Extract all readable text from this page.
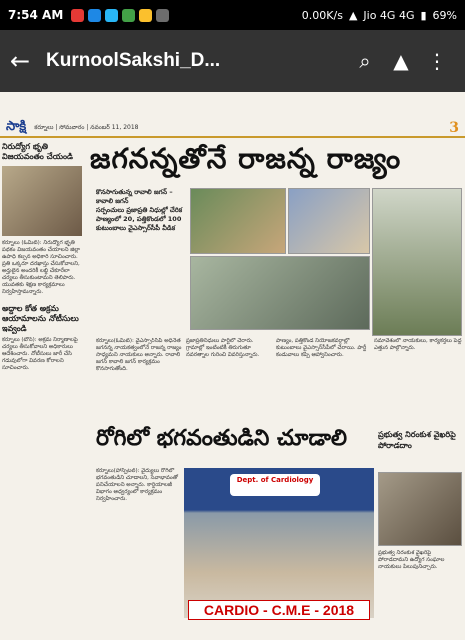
7:54 AM	0.00K/s ▲ Jio 4G 4G ▮ 69%
సాక్షి కర్నూలు | సోమవారం | నవంబర్ 11, 2018	3
నిరుద్యోగ భృతి విజయవంతం చేయండి
కర్నూలు (ఓమిట్): నిరుద్యోగ భృతి పథకం విజయవంతం చేయాలని జిల్లా ఉపాధి కల్పన అధికారి సూచించారు. ప్రతి ఒక్కరూ దరఖాస్తు చేసుకోవాలని, అర్హులైన అందరికీ లబ్ధి చేకూరేలా చర్యలు తీసుకుంటామని తెలిపారు. యువతకు శిక్షణ కార్యక్రమాలు నిర్వహిస్తామన్నారు.
అద్దాల కోత అక్రమ ఆయామాలను నోటీసులు ఇవ్వండి
కర్నూలు (టౌన్): అక్రమ నిర్మాణాలపై చర్యలు తీసుకోవాలని అధికారులు ఆదేశించారు. నోటీసులు జారీ చేసి గడువులోగా వివరణ కోరాలని సూచించారు.
జగనన్నతోనే రాజన్న రాజ్యం
కొనసాగుతున్న రావాలి జగన్ – కావాలి జగన్
సర్పంచులు ప్రజాప్రతి నిధుల్లో చేరిక
పాణ్యంలో 20, పత్తికొండలో 100 కుటుంబాలు వైఎస్సార్‌సీపీ వీడిక
కర్నూలు(ఓమిట్): వైఎస్సార్‌సీపీ అధినేత జగనన్న నాయకత్వంలోనే రాజన్న రాజ్యం సాధ్యమని నాయకులు అన్నారు. రావాలి జగన్ కావాలి జగన్ కార్యక్రమం కొనసాగుతోంది.
ప్రజాప్రతినిధులు పార్టీలో చేరారు. గ్రామాల్లో ఇంటింటికీ తిరుగుతూ నవరత్నాల గురించి వివరిస్తున్నారు.
పాణ్యం, పత్తికొండ నియోజకవర్గాల్లో కుటుంబాలు వైఎస్సార్‌సీపీలో చేరాయి. పార్టీ కండువాలు కప్పి ఆహ్వానించారు.
సమావేశంలో నాయకులు, కార్యకర్తలు పెద్ద ఎత్తున పాల్గొన్నారు.
రోగిలో భగవంతుడిని చూడాలి
కర్నూలు(హాస్పిటల్): వైద్యులు రోగిలో భగవంతుడిని చూడాలని, సేవాభావంతో పనిచేయాలని అన్నారు. కార్డియాలజీ విభాగం ఆధ్వర్యంలో కార్యక్రమం నిర్వహించారు.
Dept. of Cardiology
CARDIO - C.M.E - 2018
ప్రభుత్వ నిరంకుశ వైఖరిపై పోరాడదాం
ప్రభుత్వ నిరంకుశ వైఖరిపై పోరాడదామని ఉద్యోగ సంఘాల నాయకులు పిలుపునిచ్చారు.
← KurnoolSakshi_D...	⌕	▲ ⋮
